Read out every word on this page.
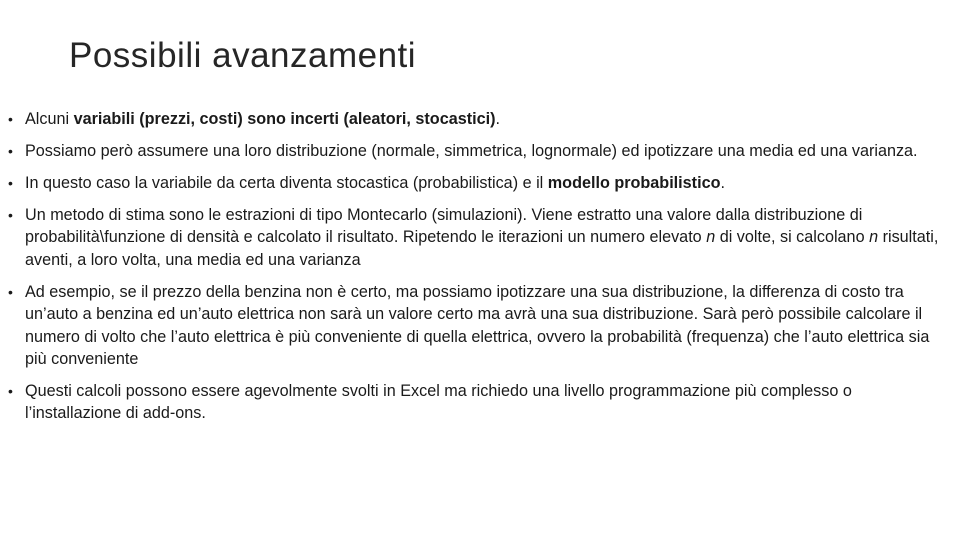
Possibili avanzamenti
• Alcuni variabili (prezzi, costi) sono incerti (aleatori, stocastici).
• Possiamo però assumere una loro distribuzione (normale, simmetrica, lognormale) ed ipotizzare una media ed una varianza.
• In questo caso la variabile da certa diventa stocastica (probabilistica) e il modello probabilistico.
• Un metodo di stima sono le estrazioni di tipo Montecarlo (simulazioni). Viene estratto una valore dalla distribuzione di probabilità\funzione di densità e calcolato il risultato. Ripetendo le iterazioni un numero elevato n di volte, si calcolano n risultati, aventi, a loro volta, una media ed una varianza
• Ad esempio, se il prezzo della benzina non è certo, ma possiamo ipotizzare una sua distribuzione, la differenza di costo tra un’auto a benzina ed un’auto elettrica non sarà un valore certo ma avrà una sua distribuzione. Sarà però possibile calcolare il numero di volto che l’auto elettrica è più conveniente di quella elettrica, ovvero la probabilità (frequenza) che l’auto elettrica sia più conveniente
• Questi calcoli possono essere agevolmente svolti in Excel ma richiedo una livello programmazione più complesso o l’installazione di add-ons.
